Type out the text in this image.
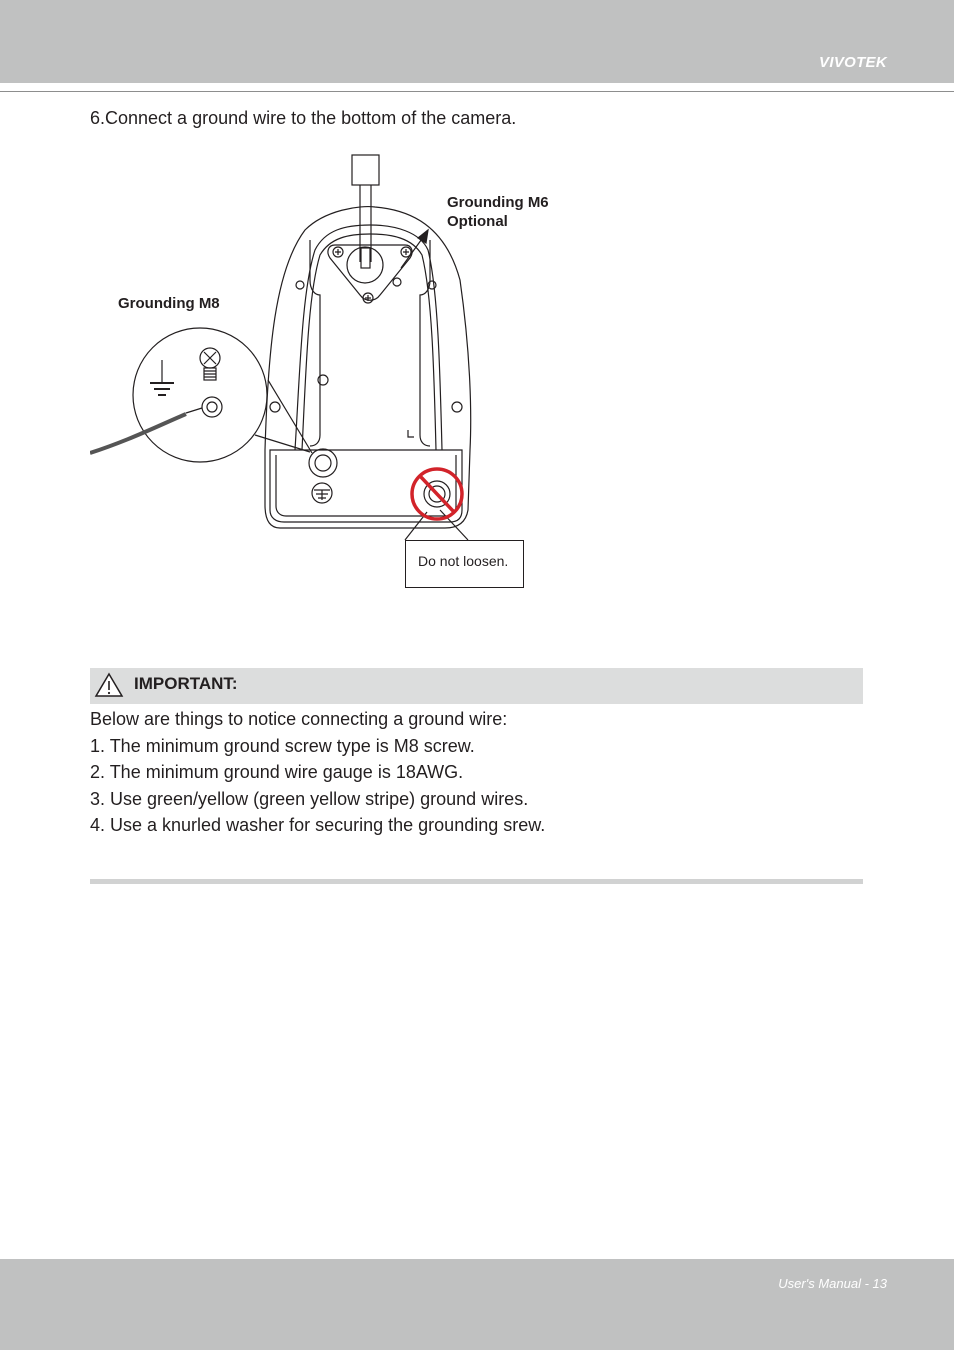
VIVOTEK
6.Connect a ground wire to the bottom of the camera.
Grounding M6
Optional
Grounding M8
Do not loosen.
IMPORTANT:
Below are things to notice connecting a ground wire:
1. The minimum ground screw type is M8 screw.
2. The minimum ground wire gauge is 18AWG.
3. Use green/yellow (green yellow stripe) ground wires.
4. Use a knurled washer for securing the grounding srew.
User's Manual - 13
